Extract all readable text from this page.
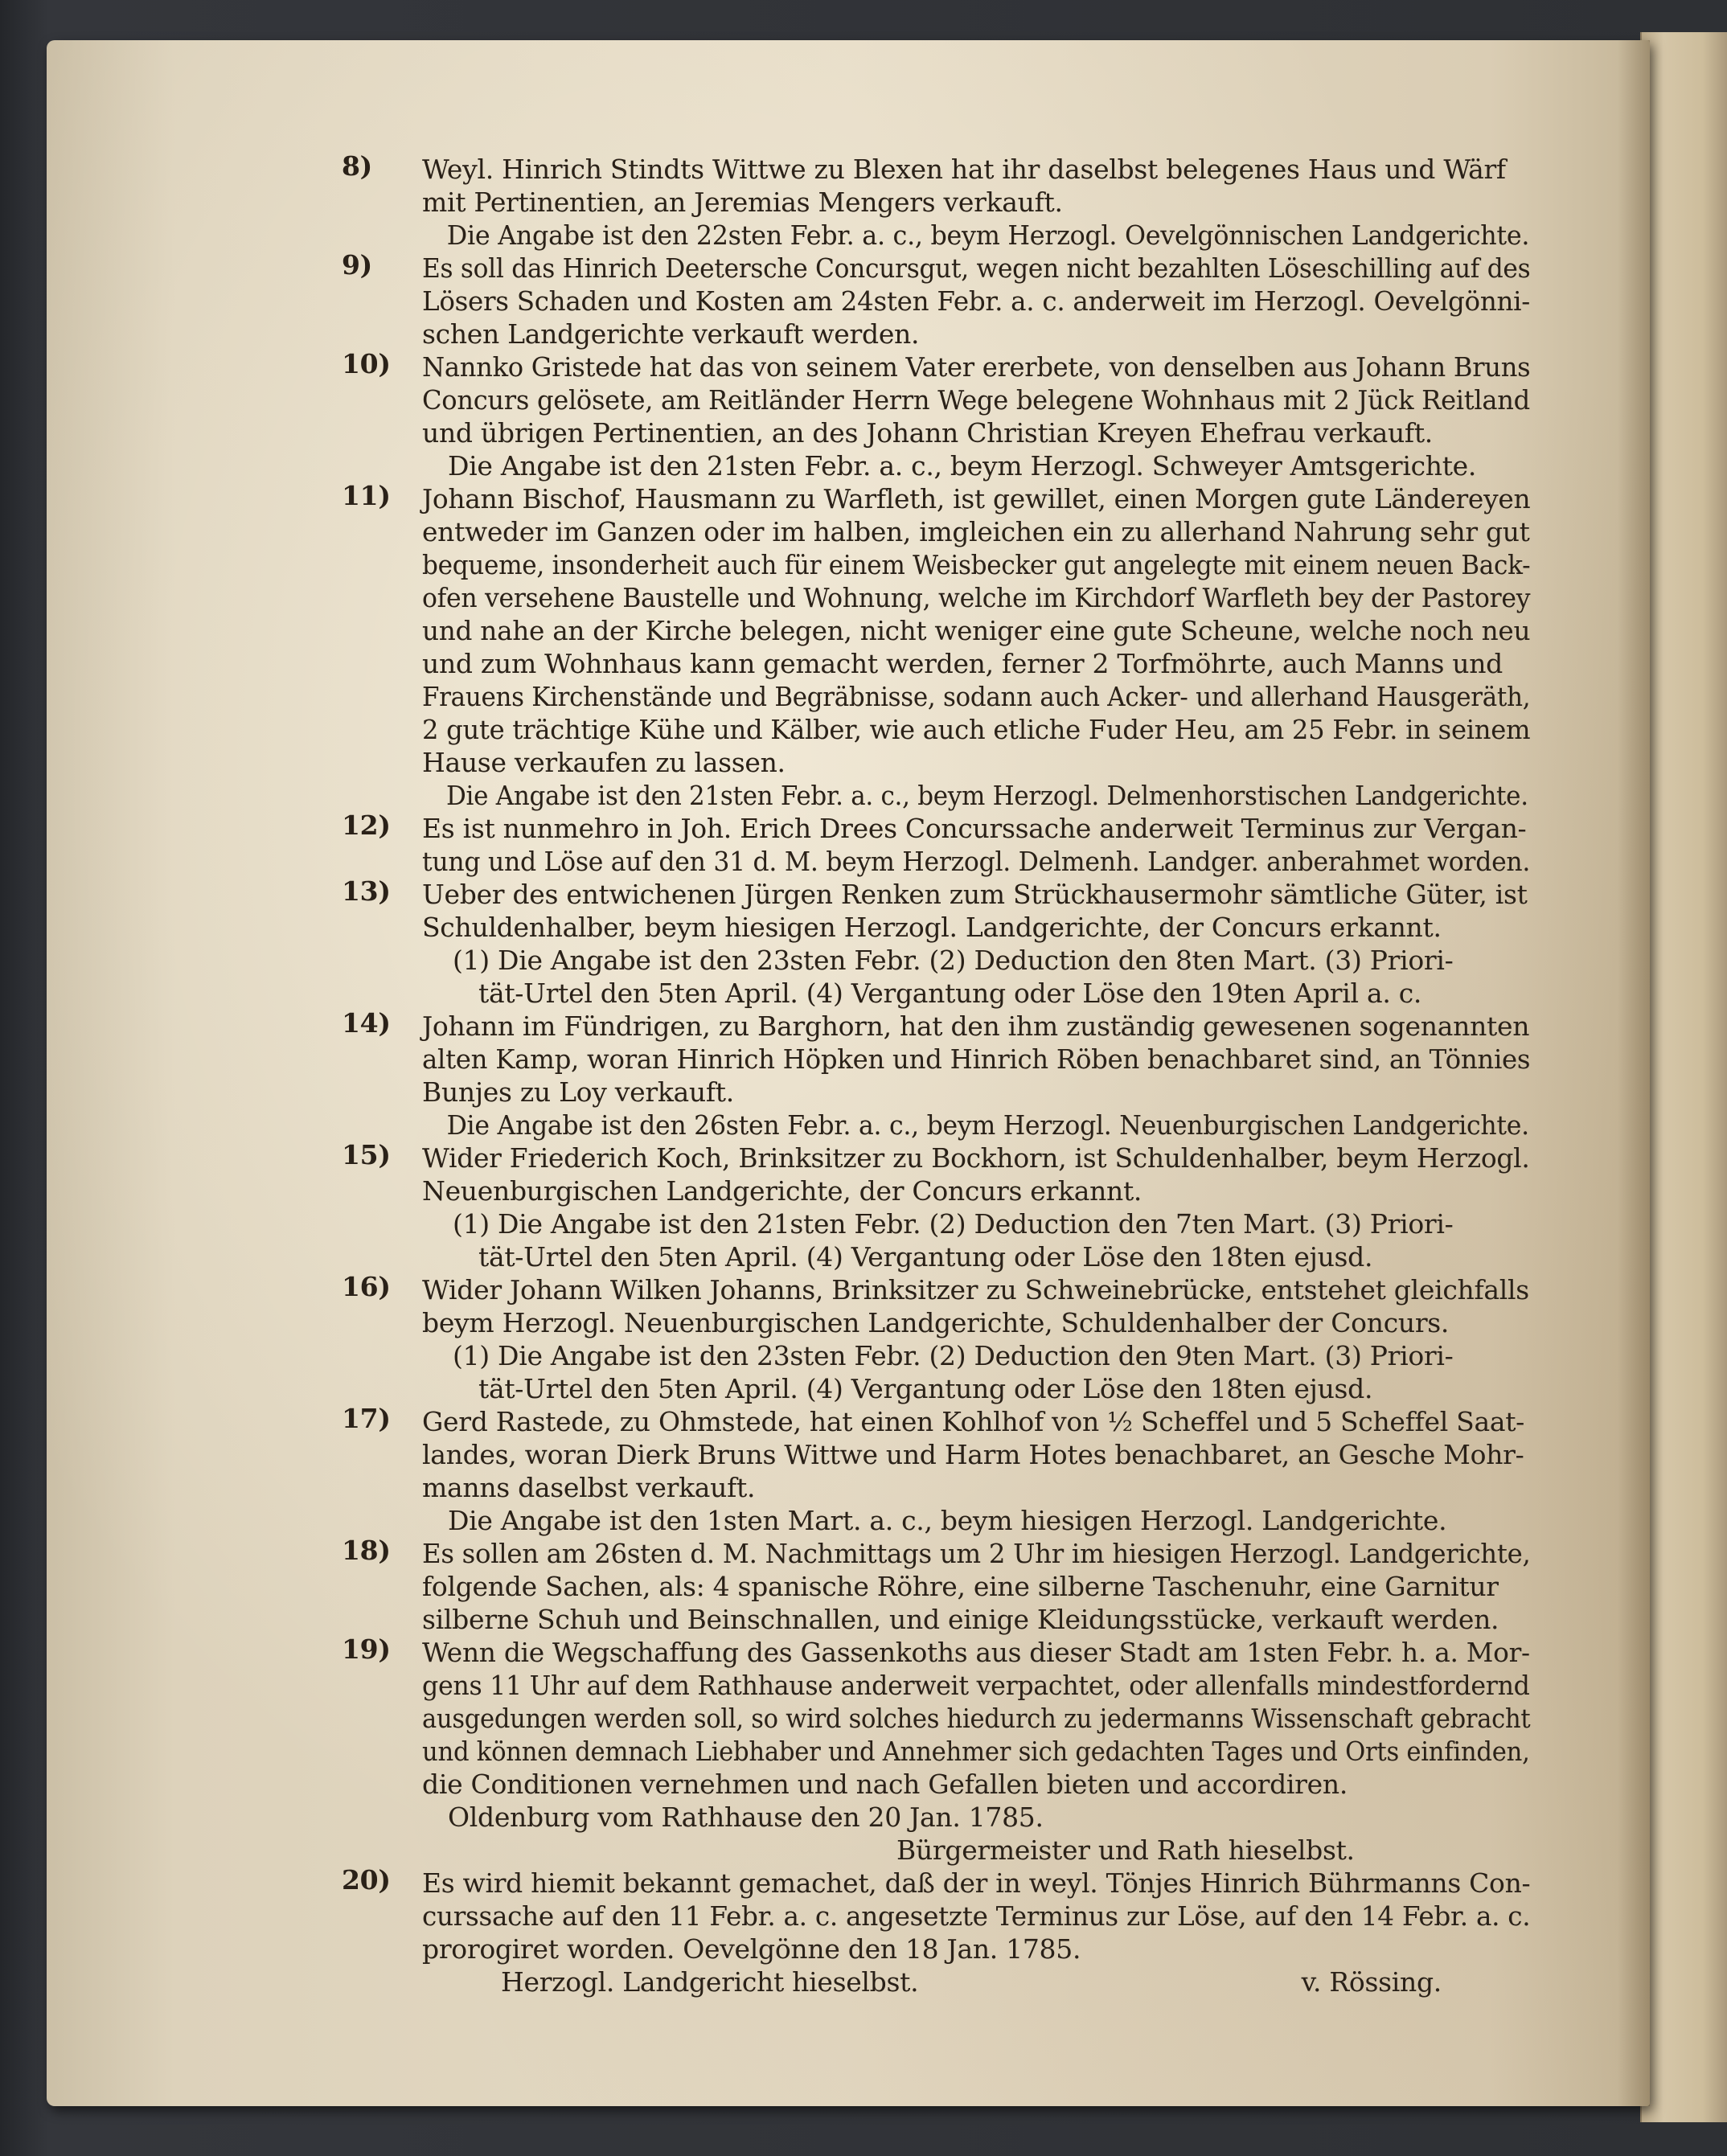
8)	Weyl. Hinrich Stindts Wittwe zu Blexen hat ihr daselbst belegenes Haus und Wärf
mit Pertinentien, an Jeremias Mengers verkauft.
Die Angabe ist den 22sten Febr. a. c., beym Herzogl. Oevelgönnischen Landgerichte.
9)	Es soll das Hinrich Deetersche Concursgut, wegen nicht bezahlten Löseschilling auf des
Lösers Schaden und Kosten am 24sten Febr. a. c. anderweit im Herzogl. Oevelgönni-
schen Landgerichte verkauft werden.
10)	Nannko Gristede hat das von seinem Vater ererbete, von denselben aus Johann Bruns
Concurs gelösete, am Reitländer Herrn Wege belegene Wohnhaus mit 2 Jück Reitland
und übrigen Pertinentien, an des Johann Christian Kreyen Ehefrau verkauft.
Die Angabe ist den 21sten Febr. a. c., beym Herzogl. Schweyer Amtsgerichte.
11)	Johann Bischof, Hausmann zu Warfleth, ist gewillet, einen Morgen gute Ländereyen
entweder im Ganzen oder im halben, imgleichen ein zu allerhand Nahrung sehr gut
bequeme, insonderheit auch für einem Weisbecker gut angelegte mit einem neuen Back-
ofen versehene Baustelle und Wohnung, welche im Kirchdorf Warfleth bey der Pastorey
und nahe an der Kirche belegen, nicht weniger eine gute Scheune, welche noch neu
und zum Wohnhaus kann gemacht werden, ferner 2 Torfmöhrte, auch Manns und
Frauens Kirchenstände und Begräbnisse, sodann auch Acker- und allerhand Hausgeräth,
2 gute trächtige Kühe und Kälber, wie auch etliche Fuder Heu, am 25 Febr. in seinem
Hause verkaufen zu lassen.
Die Angabe ist den 21sten Febr. a. c., beym Herzogl. Delmenhorstischen Landgerichte.
12)	Es ist nunmehro in Joh. Erich Drees Concurssache anderweit Terminus zur Vergan-
tung und Löse auf den 31 d. M. beym Herzogl. Delmenh. Landger. anberahmet worden.
13)	Ueber des entwichenen Jürgen Renken zum Strückhausermohr sämtliche Güter, ist
Schuldenhalber, beym hiesigen Herzogl. Landgerichte, der Concurs erkannt.
(1) Die Angabe ist den 23sten Febr. (2) Deduction den 8ten Mart. (3) Priori-
tät-Urtel den 5ten April. (4) Vergantung oder Löse den 19ten April a. c.
14)	Johann im Fündrigen, zu Barghorn, hat den ihm zuständig gewesenen sogenannten
alten Kamp, woran Hinrich Höpken und Hinrich Röben benachbaret sind, an Tönnies
Bunjes zu Loy verkauft.
Die Angabe ist den 26sten Febr. a. c., beym Herzogl. Neuenburgischen Landgerichte.
15)	Wider Friederich Koch, Brinksitzer zu Bockhorn, ist Schuldenhalber, beym Herzogl.
Neuenburgischen Landgerichte, der Concurs erkannt.
(1) Die Angabe ist den 21sten Febr. (2) Deduction den 7ten Mart. (3) Priori-
tät-Urtel den 5ten April. (4) Vergantung oder Löse den 18ten ejusd.
16)	Wider Johann Wilken Johanns, Brinksitzer zu Schweinebrücke, entstehet gleichfalls
beym Herzogl. Neuenburgischen Landgerichte, Schuldenhalber der Concurs.
(1) Die Angabe ist den 23sten Febr. (2) Deduction den 9ten Mart. (3) Priori-
tät-Urtel den 5ten April. (4) Vergantung oder Löse den 18ten ejusd.
17)	Gerd Rastede, zu Ohmstede, hat einen Kohlhof von ½ Scheffel und 5 Scheffel Saat-
landes, woran Dierk Bruns Wittwe und Harm Hotes benachbaret, an Gesche Mohr-
manns daselbst verkauft.
Die Angabe ist den 1sten Mart. a. c., beym hiesigen Herzogl. Landgerichte.
18)	Es sollen am 26sten d. M. Nachmittags um 2 Uhr im hiesigen Herzogl. Landgerichte,
folgende Sachen, als: 4 spanische Röhre, eine silberne Taschenuhr, eine Garnitur
silberne Schuh und Beinschnallen, und einige Kleidungsstücke, verkauft werden.
19)	Wenn die Wegschaffung des Gassenkoths aus dieser Stadt am 1sten Febr. h. a. Mor-
gens 11 Uhr auf dem Rathhause anderweit verpachtet, oder allenfalls mindestfordernd
ausgedungen werden soll, so wird solches hiedurch zu jedermanns Wissenschaft gebracht
und können demnach Liebhaber und Annehmer sich gedachten Tages und Orts einfinden,
die Conditionen vernehmen und nach Gefallen bieten und accordiren.
Oldenburg vom Rathhause den 20 Jan. 1785.
Bürgermeister und Rath hieselbst.
20)	Es wird hiemit bekannt gemachet, daß der in weyl. Tönjes Hinrich Bührmanns Con-
curssache auf den 11 Febr. a. c. angesetzte Terminus zur Löse, auf den 14 Febr. a. c.
prorogiret worden. Oevelgönne den 18 Jan. 1785.
Herzogl. Landgericht hieselbst.	v. Rössing.
